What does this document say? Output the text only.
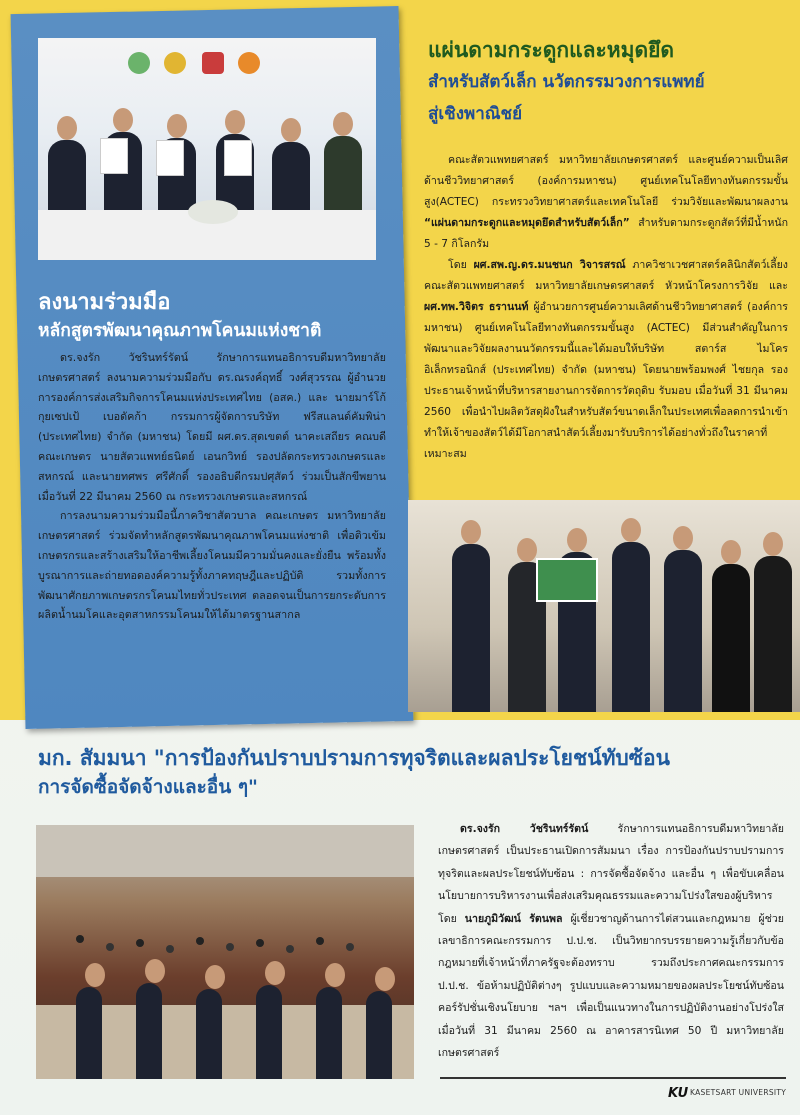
ลงนามร่วมมือ
หลักสูตรพัฒนาคุณภาพโคนมแห่งชาติ

ดร.จงรัก วัชรินทร์รัตน์ รักษาการแทนอธิการบดีมหาวิทยาลัยเกษตรศาสตร์ ลงนามความร่วมมือกับ ดร.ณรงค์ฤทธิ์ วงศ์สุวรรณ ผู้อำนวยการองค์การส่งเสริมกิจการโคนมแห่งประเทศไทย (อสค.) และ นายมาร์โก้ กุยเซปเป้ เบอดัคก้า กรรมการผู้จัดการบริษัท ฟรีสแลนด์คัมพิน่า (ประเทศไทย) จำกัด (มหาชน) โดยมี ผศ.ดร.สุดเขตต์ นาคะเสถียร คณบดีคณะเกษตร นายสัตวแพทย์ธนิตย์ เอนกวิทย์ รองปลัดกระทรวงเกษตรและสหกรณ์ และนายทศพร ศรีศักดิ์ รองอธิบดีกรมปศุสัตว์ ร่วมเป็นสักขีพยาน เมื่อวันที่ 22 มีนาคม 2560 ณ กระทรวงเกษตรและสหกรณ์

การลงนามความร่วมมือนี้ภาควิชาสัตวบาล คณะเกษตร มหาวิทยาลัยเกษตรศาสตร์ ร่วมจัดทำหลักสูตรพัฒนาคุณภาพโคนมแห่งชาติ เพื่อติวเข้มเกษตรกรและสร้างเสริมให้อาชีพเลี้ยงโคนมมีความมั่นคงและยั่งยืน พร้อมทั้งบูรณาการและถ่ายทอดองค์ความรู้ทั้งภาคทฤษฎีและปฏิบัติ รวมทั้งการพัฒนาศักยภาพเกษตรกรโคนมไทยทั่วประเทศ ตลอดจนเป็นการยกระดับการผลิตน้ำนมโคและอุตสาหกรรมโคนมให้ได้มาตรฐานสากล

แผ่นดามกระดูกและหมุดยึด
สำหรับสัตว์เล็ก นวัตกรรมวงการแพทย์
สู่เชิงพาณิชย์

คณะสัตวแพทยศาสตร์ มหาวิทยาลัยเกษตรศาสตร์ และศูนย์ความเป็นเลิศด้านชีววิทยาศาสตร์ (องค์การมหาชน) ศูนย์เทคโนโลยีทางทันตกรรมขั้นสูง(ACTEC) กระทรวงวิทยาศาสตร์และเทคโนโลยี ร่วมวิจัยและพัฒนาผลงาน “แผ่นดามกระดูกและหมุดยึดสำหรับสัตว์เล็ก” สำหรับดามกระดูกสัตว์ที่มีน้ำหนัก 5 - 7 กิโลกรัม

โดย ผศ.สพ.ญ.ดร.มนชนก วิจารสรณ์ ภาควิชาเวชศาสตร์คลินิกสัตว์เลี้ยง คณะสัตวแพทยศาสตร์ มหาวิทยาลัยเกษตรศาสตร์ หัวหน้าโครงการวิจัย และ ผศ.ทพ.วิจิตร ธรานนท์ ผู้อำนวยการศูนย์ความเลิศด้านชีววิทยาศาสตร์ (องค์การมหาชน) ศูนย์เทคโนโลยีทางทันตกรรมขั้นสูง (ACTEC) มีส่วนสำคัญในการพัฒนาและวิจัยผลงานนวัตกรรมนี้และได้มอบให้บริษัท สตาร์ส ไมโครอิเล็กทรอนิกส์ (ประเทศไทย) จำกัด (มหาชน) โดยนายพร้อมพงศ์ ไชยกุล รองประธานเจ้าหน้าที่บริหารสายงานการจัดการวัตถุดิบ รับมอบ เมื่อวันที่ 31 มีนาคม 2560 เพื่อนำไปผลิตวัสดุฝังในสำหรับสัตว์ขนาดเล็กในประเทศเพื่อลดการนำเข้า ทำให้เจ้าของสัตว์ได้มีโอกาสนำสัตว์เลี้ยงมารับบริการได้อย่างทั่วถึงในราคาที่เหมาะสม

มก. สัมมนา "การป้องกันปราบปรามการทุจริตและผลประโยชน์ทับซ้อน
การจัดซื้อจัดจ้างและอื่น ๆ"

ดร.จงรัก วัชรินทร์รัตน์ รักษาการแทนอธิการบดีมหาวิทยาลัยเกษตรศาสตร์ เป็นประธานเปิดการสัมมนา เรื่อง การป้องกันปราบปรามการทุจริตและผลประโยชน์ทับซ้อน : การจัดซื้อจัดจ้าง และอื่น ๆ เพื่อขับเคลื่อนนโยบายการบริหารงานเพื่อส่งเสริมคุณธรรมและความโปร่งใสของผู้บริหาร โดย นายภูมิวัฒน์ รัตนพล ผู้เชี่ยวชาญด้านการไต่สวนและกฎหมาย ผู้ช่วยเลขาธิการคณะกรรมการ ป.ป.ช. เป็นวิทยากรบรรยายความรู้เกี่ยวกับข้อกฎหมายที่เจ้าหน้าที่ภาครัฐจะต้องทราบ รวมถึงประกาศคณะกรรมการ ป.ป.ช. ข้อห้ามปฏิบัติต่างๆ รูปแบบและความหมายของผลประโยชน์ทับซ้อน คอร์รัปชั่นเชิงนโยบาย ฯลฯ เพื่อเป็นแนวทางในการปฏิบัติงานอย่างโปร่งใส เมื่อวันที่ 31 มีนาคม 2560 ณ อาคารสารนิเทศ 50 ปี มหาวิทยาลัยเกษตรศาสตร์

KU KASETSART UNIVERSITY
